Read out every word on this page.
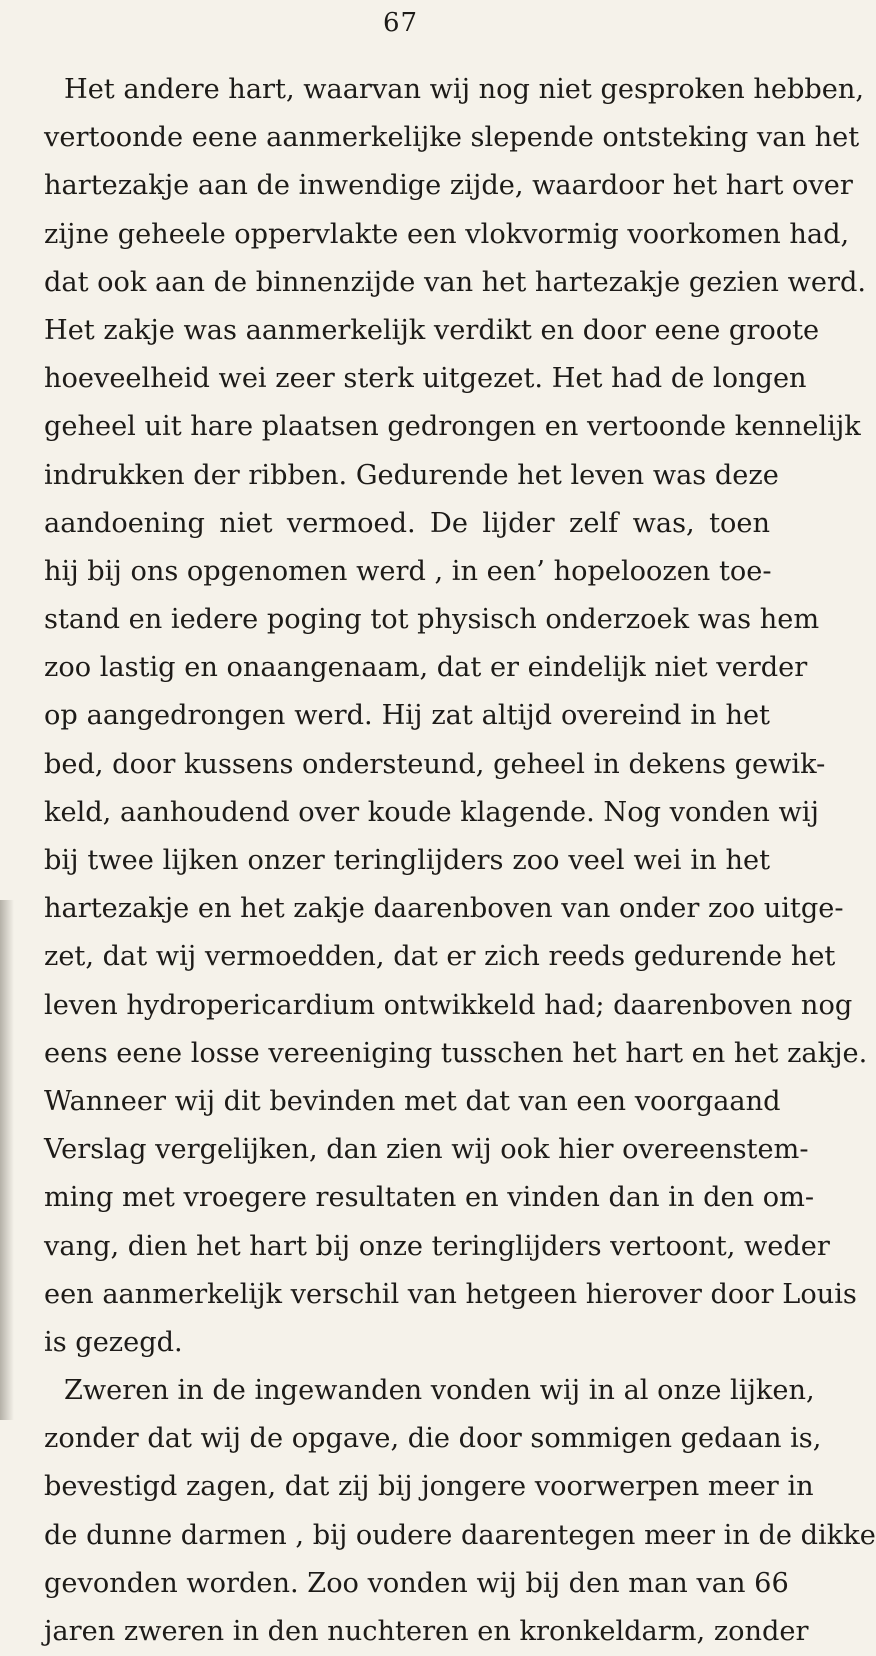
67
Het andere hart, waarvan wij nog niet gesproken hebben,
vertoonde eene aanmerkelijke slepende ontsteking van het
hartezakje aan de inwendige zijde, waardoor het hart over
zijne geheele oppervlakte een vlokvormig voorkomen had,
dat ook aan de binnenzijde van het hartezakje gezien werd.
Het zakje was aanmerkelijk verdikt en door eene groote
hoeveelheid wei zeer sterk uitgezet. Het had de longen
geheel uit hare plaatsen gedrongen en vertoonde kennelijk
indrukken der ribben. Gedurende het leven was deze
aandoening niet vermoed. De lijder zelf was, toen
hij bij ons opgenomen werd , in een’ hopeloozen toe-
stand en iedere poging tot physisch onderzoek was hem
zoo lastig en onaangenaam, dat er eindelijk niet verder
op aangedrongen werd. Hij zat altijd overeind in het
bed, door kussens ondersteund, geheel in dekens gewik-
keld, aanhoudend over koude klagende. Nog vonden wij
bij twee lijken onzer teringlijders zoo veel wei in het
hartezakje en het zakje daarenboven van onder zoo uitge-
zet, dat wij vermoedden, dat er zich reeds gedurende het
leven hydropericardium ontwikkeld had; daarenboven nog
eens eene losse vereeniging tusschen het hart en het zakje.
Wanneer wij dit bevinden met dat van een voorgaand
Verslag vergelijken, dan zien wij ook hier overeenstem-
ming met vroegere resultaten en vinden dan in den om-
vang, dien het hart bij onze teringlijders vertoont, weder
een aanmerkelijk verschil van hetgeen hierover door Louis
is gezegd.
Zweren in de ingewanden vonden wij in al onze lijken,
zonder dat wij de opgave, die door sommigen gedaan is,
bevestigd zagen, dat zij bij jongere voorwerpen meer in
de dunne darmen , bij oudere daarentegen meer in de dikke
gevonden worden. Zoo vonden wij bij den man van 66
jaren zweren in den nuchteren en kronkeldarm, zonder
